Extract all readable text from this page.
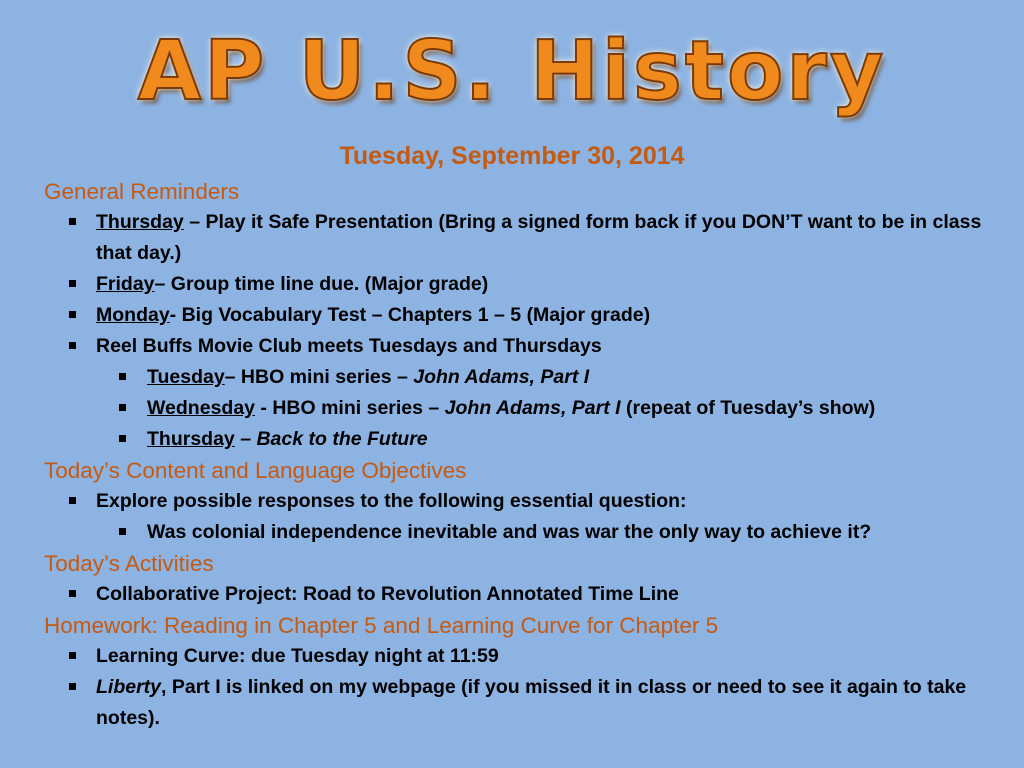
AP U.S. History
Tuesday, September 30, 2014
General Reminders
Thursday – Play it Safe Presentation (Bring a signed form back if you DON’T want to be in class that day.)
Friday– Group time line due. (Major grade)
Monday- Big Vocabulary Test – Chapters 1 – 5 (Major grade)
Reel Buffs Movie Club meets Tuesdays and Thursdays
Tuesday– HBO mini series – John Adams, Part I
Wednesday - HBO mini series – John Adams, Part I (repeat of Tuesday’s show)
Thursday – Back to the Future
Today’s Content and Language Objectives
Explore possible responses to the following essential question:
Was colonial independence inevitable and was war the only way to achieve it?
Today’s Activities
Collaborative Project: Road to Revolution Annotated Time Line
Homework: Reading in Chapter 5 and Learning Curve for Chapter 5
Learning Curve: due Tuesday night at 11:59
Liberty, Part I is linked on my webpage (if you missed it in class or need to see it again to take notes).
